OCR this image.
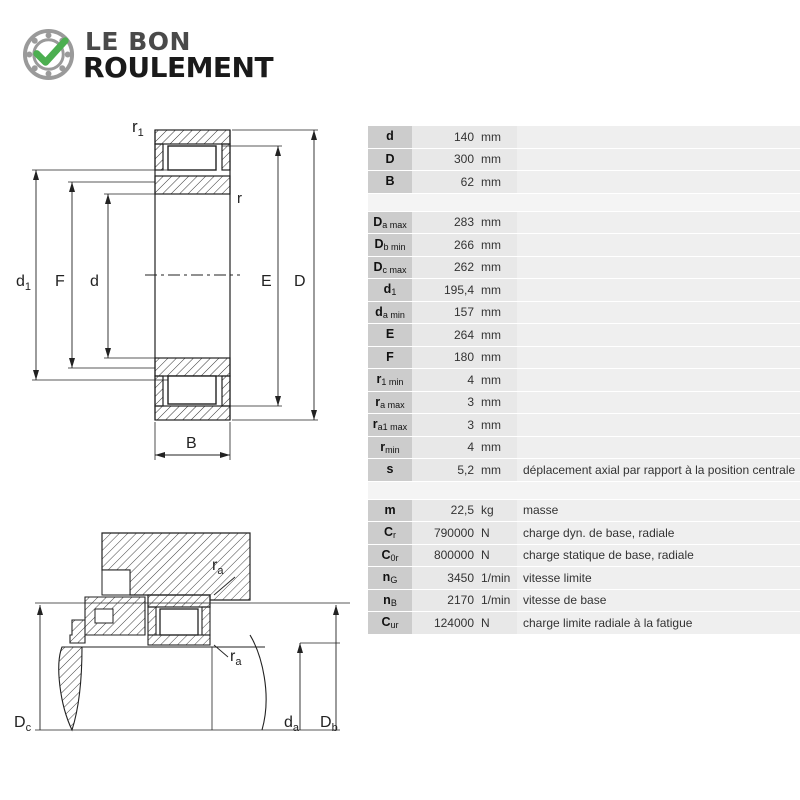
LE BON
ROULEMENT
$r_1$
r
$d_1$ F d	E D
B
$r_a$
$r_a$
$D_c$	$d_a$ $D_b$
d	140	mm	
D	300	mm	
B	62	mm	

$D_{a max}$	283	mm	
$D_{b min}$	266	mm	
$D_{c max}$	262	mm	
$d_1$	195,4	mm	
$d_{a min}$	157	mm	
E	264	mm	
F	180	mm	
$r_{1 min}$	4	mm	
$r_{a max}$	3	mm	
$r_{a1 max}$	3	mm	
$r_{min}$	4	mm	
s	5,2	mm	déplacement axial par rapport à la position centrale

m	22,5	kg	masse
$C_r$	790000	N	charge dyn. de base, radiale
$C_{0r}$	800000	N	charge statique de base, radiale
$n_G$	3450	1/min	vitesse limite
$n_B$	2170	1/min	vitesse de base
$C_{ur}$	124000	N	charge limite radiale à la fatigue
